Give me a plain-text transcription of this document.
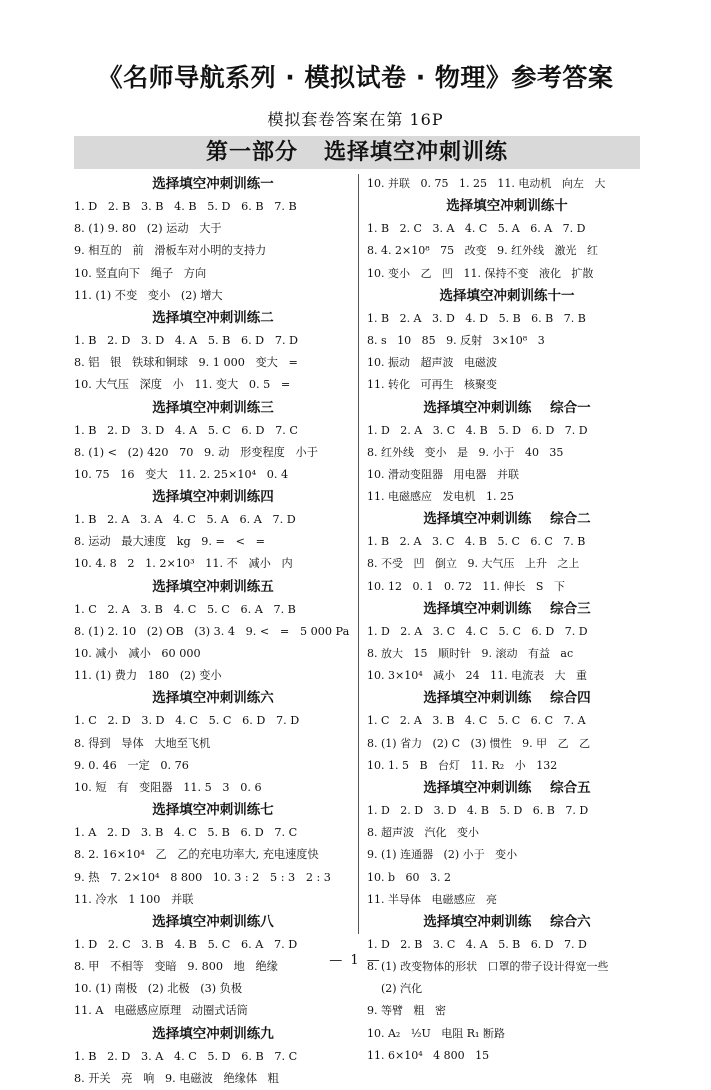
《名师导航系列 · 模拟试卷 · 物理》参考答案
模拟套卷答案在第 16P
第一部分 选择填空冲刺训练
选择填空冲刺训练一
1. D   2. B   3. B   4. B   5. D   6. B   7. B
8. (1) 9. 80   (2) 运动   大于
9. 相互的   前   滑板车对小明的支持力
10. 竖直向下   绳子   方向
11. (1) 不变   变小   (2) 增大
选择填空冲刺训练二
1. B   2. D   3. D   4. A   5. B   6. D   7. D
8. 铝   银   铁球和铜球   9. 1 000   变大   =
10. 大气压   深度   小   11. 变大   0. 5   =
选择填空冲刺训练三
1. B   2. D   3. D   4. A   5. C   6. D   7. C
8. (1) <   (2) 420   70   9. 动   形变程度   小于
10. 75   16   变大   11. 2. 25×10⁴   0. 4
选择填空冲刺训练四
1. B   2. A   3. A   4. C   5. A   6. A   7. D
8. 运动   最大速度   kg   9. =   <   =
10. 4. 8   2   1. 2×10³   11. 不   减小   内
选择填空冲刺训练五
1. C   2. A   3. B   4. C   5. C   6. A   7. B
8. (1) 2. 10   (2) OB   (3) 3. 4   9. <   =   5 000 Pa
10. 减小   减小   60 000
11. (1) 费力   180   (2) 变小
选择填空冲刺训练六
1. C   2. D   3. D   4. C   5. C   6. D   7. D
8. 得到   导体   大地至飞机
9. 0. 46   一定   0. 76
10. 短   有   变阻器   11. 5   3   0. 6
选择填空冲刺训练七
1. A   2. D   3. B   4. C   5. B   6. D   7. C
8. 2. 16×10⁴   乙   乙的充电功率大, 充电速度快
9. 热   7. 2×10⁴   8 800   10. 3 : 2   5 : 3   2 : 3
11. 冷水   1 100   并联
选择填空冲刺训练八
1. D   2. C   3. B   4. B   5. C   6. A   7. D
8. 甲   不相等   变暗   9. 800   地   绝缘
10. (1) 南极   (2) 北极   (3) 负极
11. A   电磁感应原理   动圈式话筒
选择填空冲刺训练九
1. B   2. D   3. A   4. C   5. D   6. B   7. C
8. 开关   亮   响   9. 电磁波   绝缘体   粗
10. 并联   0. 75   1. 25   11. 电动机   向左   大
选择填空冲刺训练十
1. B   2. C   3. A   4. C   5. A   6. A   7. D
8. 4. 2×10⁸   75   改变   9. 红外线   激光   红
10. 变小   乙   凹   11. 保持不变   液化   扩散
选择填空冲刺训练十一
1. B   2. A   3. D   4. D   5. B   6. B   7. B
8. s   10   85   9. 反射   3×10⁸   3
10. 振动   超声波   电磁波
11. 转化   可再生   核聚变
选择填空冲刺训练    综合一
1. D   2. A   3. C   4. B   5. D   6. D   7. D
8. 红外线   变小   是   9. 小于   40   35
10. 滑动变阻器   用电器   并联
11. 电磁感应   发电机   1. 25
选择填空冲刺训练    综合二
1. B   2. A   3. C   4. B   5. C   6. C   7. B
8. 不受   凹   倒立   9. 大气压   上升   之上
10. 12   0. 1   0. 72   11. 伸长   S   下
选择填空冲刺训练    综合三
1. D   2. A   3. C   4. C   5. C   6. D   7. D
8. 放大   15   顺时针   9. 滚动   有益   ac
10. 3×10⁴   减小   24   11. 电流表   大   重
选择填空冲刺训练    综合四
1. C   2. A   3. B   4. C   5. C   6. C   7. A
8. (1) 省力   (2) C   (3) 惯性   9. 甲   乙   乙
10. 1. 5   B   台灯   11. R₂   小   132
选择填空冲刺训练    综合五
1. D   2. D   3. D   4. B   5. D   6. B   7. D
8. 超声波   汽化   变小
9. (1) 连通器   (2) 小于   变小
10. b   60   3. 2
11. 半导体   电磁感应   亮
选择填空冲刺训练    综合六
1. D   2. B   3. C   4. A   5. B   6. D   7. D
8. (1) 改变物体的形状   口罩的带子设计得宽一些
(2) 汽化
9. 等臂   粗   密
10. A₂   ½U   电阻 R₁ 断路
11. 6×10⁴   4 800   15
— 1 —
